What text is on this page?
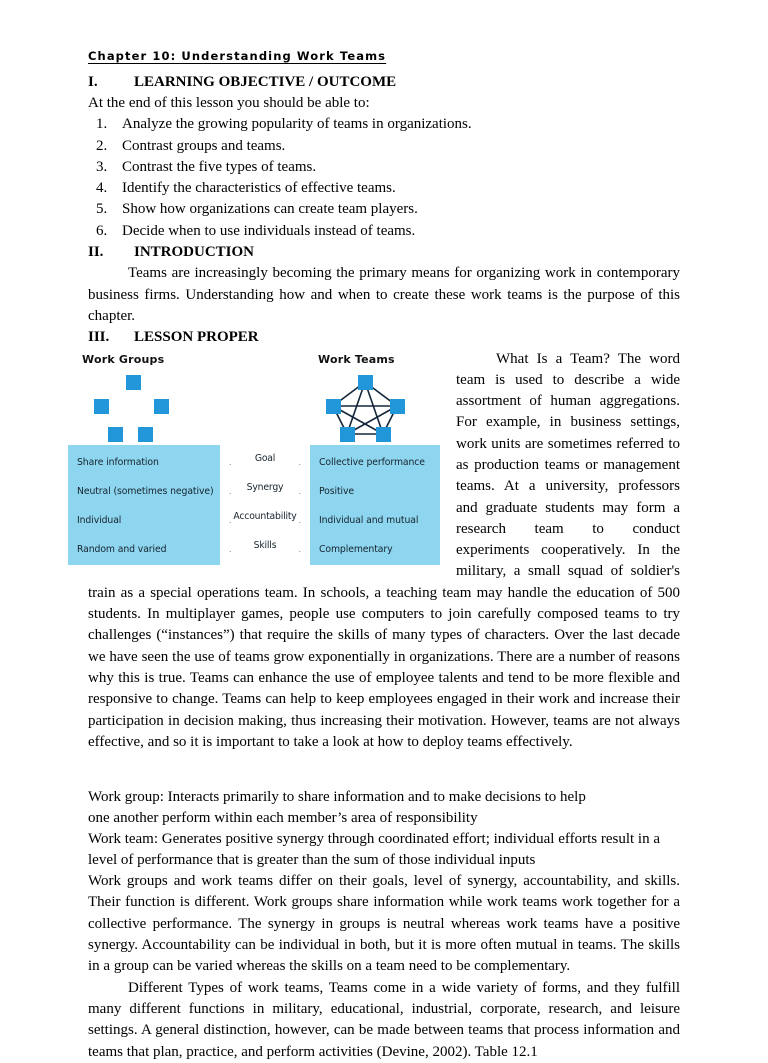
Chapter 10: Understanding Work Teams
I. LEARNING OBJECTIVE / OUTCOME
At the end of this lesson you should be able to:
1. Analyze the growing popularity of teams in organizations.
2. Contrast groups and teams.
3. Contrast the five types of teams.
4. Identify the characteristics of effective teams.
5. Show how organizations can create team players.
6. Decide when to use individuals instead of teams.
II. INTRODUCTION

Teams are increasingly becoming the primary means for organizing work in contemporary business firms. Understanding how and when to create these work teams is the purpose of this chapter.

III. LESSON PROPER
Work Groups	Work Teams
Share information
Neutral (sometimes negative)
Individual
Random and varied
Goal
Synergy
Accountability
Skills
Collective performance
Positive
Individual and mutual
Complementary

What Is a Team? The word team is used to describe a wide assortment of human aggregations. For example, in business settings, work units are sometimes referred to as production teams or management teams. At a university, professors and graduate students may form a research team to conduct experiments cooperatively. In the military, a small squad of soldier's train as a special operations team. In schools, a teaching team may handle the education of 500 students. In multiplayer games, people use computers to join carefully composed teams to try challenges (“instances”) that require the skills of many types of characters. Over the last decade we have seen the use of teams grow exponentially in organizations. There are a number of reasons why this is true. Teams can enhance the use of employee talents and tend to be more flexible and responsive to change. Teams can help to keep employees engaged in their work and increase their participation in decision making, thus increasing their motivation. However, teams are not always effective, and so it is important to take a look at how to deploy teams effectively.

Work group: Interacts primarily to share information and to make decisions to help
one another perform within each member’s area of responsibility
Work team: Generates positive synergy through coordinated effort; individual efforts result in a
level of performance that is greater than the sum of those individual inputs

Work groups and work teams differ on their goals, level of synergy, accountability, and skills. Their function is different. Work groups share information while work teams work together for a collective performance. The synergy in groups is neutral whereas work teams have a positive synergy. Accountability can be individual in both, but it is more often mutual in teams. The skills in a group can be varied whereas the skills on a team need to be complementary.

Different Types of work teams, Teams come in a wide variety of forms, and they fulfill many different functions in military, educational, industrial, corporate, research, and leisure settings. A general distinction, however, can be made between teams that process information and teams that plan, practice, and perform activities (Devine, 2002). Table 12.1
